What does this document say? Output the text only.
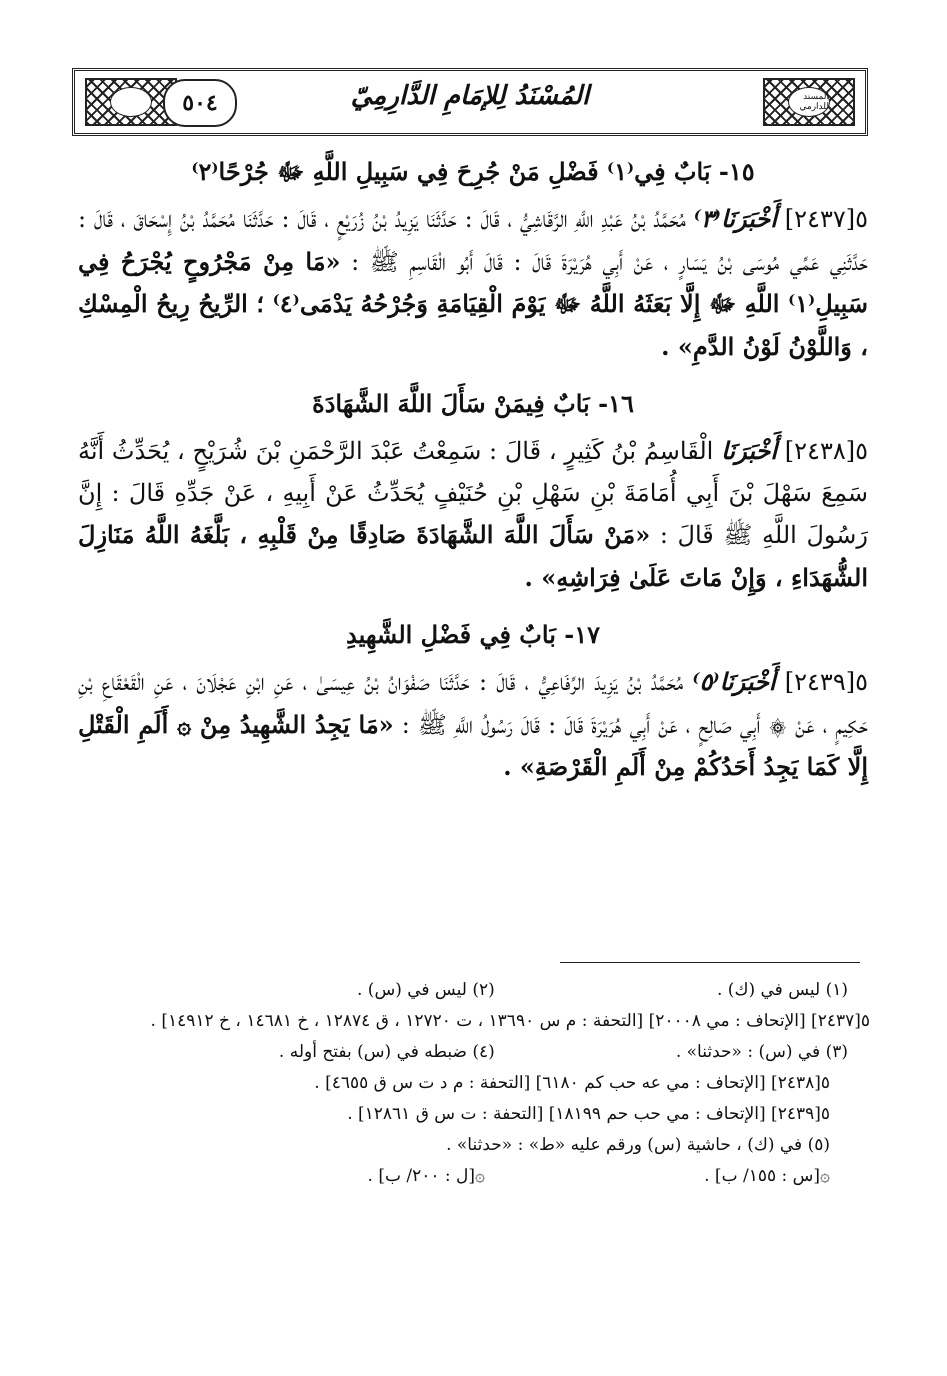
المسند للدارمي
المُسْنَدُ لِلإمَامِ الدَّارِمِيّ
٥٠٤

١٥- بَابٌ فِي⁽١⁾ فَضْلِ مَنْ جُرِحَ فِي سَبِيلِ اللَّهِ ﷻ جُرْحًا⁽٢⁾

٥[٢٤٣٧] أَخْبَرَنَا⁽٣⁾ مُحَمَّدُ بْنُ عَبْدِ اللَّهِ الرَّقَاشِيُّ ، قَالَ : حَدَّثَنَا يَزِيدُ بْنُ زُرَيْعٍ ، قَالَ : حَدَّثَنَا مُحَمَّدُ بْنُ إِسْحَاقَ ، قَالَ : حَدَّثَنِي عَمِّي مُوسَى بْنُ يَسَارٍ ، عَنْ أَبِي هُرَيْرَةَ قَالَ : قَالَ أَبُو الْقَاسِمِ ﷺ : «مَا مِنْ مَجْرُوحٍ يُجْرَحُ فِي سَبِيلِ⁽١⁾ اللَّهِ ﷻ إِلَّا بَعَثَهُ اللَّهُ ﷻ يَوْمَ الْقِيَامَةِ وَجُرْحُهُ يَدْمَى⁽٤⁾ ؛ الرِّيحُ رِيحُ الْمِسْكِ ، وَاللَّوْنُ لَوْنُ الدَّمِ» .

١٦- بَابٌ فِيمَنْ سَأَلَ اللَّهَ الشَّهَادَةَ

٥[٢٤٣٨] أَخْبَرَنَا الْقَاسِمُ بْنُ كَثِيرٍ ، قَالَ : سَمِعْتُ عَبْدَ الرَّحْمَنِ بْنَ شُرَيْحٍ ، يُحَدِّثُ أَنَّهُ سَمِعَ سَهْلَ بْنَ أَبِي أُمَامَةَ بْنِ سَهْلِ بْنِ حُنَيْفٍ يُحَدِّثُ عَنْ أَبِيهِ ، عَنْ جَدِّهِ قَالَ : إِنَّ رَسُولَ اللَّهِ ﷺ قَالَ : «مَنْ سَأَلَ اللَّهَ الشَّهَادَةَ صَادِقًا مِنْ قَلْبِهِ ، بَلَّغَهُ اللَّهُ مَنَازِلَ الشُّهَدَاءِ ، وَإِنْ مَاتَ عَلَىٰ فِرَاشِهِ» .

١٧- بَابٌ فِي فَضْلِ الشَّهِيدِ

٥[٢٤٣٩] أَخْبَرَنَا⁽٥⁾ مُحَمَّدُ بْنُ يَزِيدَ الرِّفَاعِيُّ ، قَالَ : حَدَّثَنَا صَفْوَانُ بْنُ عِيسَىٰ ، عَنِ ابْنِ عَجْلَانَ ، عَنِ الْقَعْقَاعِ بْنِ حَكِيمٍ ، عَنْ ۞ أَبِي صَالِحٍ ، عَنْ أَبِي هُرَيْرَةَ قَالَ : قَالَ رَسُولُ اللَّهِ ﷺ : «مَا يَجِدُ الشَّهِيدُ مِنْ ۞ أَلَمِ الْقَتْلِ إِلَّا كَمَا يَجِدُ أَحَدُكُمْ مِنْ أَلَمِ الْقَرْصَةِ» .

(١) ليس في (ك) .

(٢) ليس في (س) .

٥[٢٤٣٧] [الإتحاف : مي ٢٠٠٠٨] [التحفة : م س ١٣٦٩٠ ، ت ١٢٧٢٠ ، ق ١٢٨٧٤ ، خ ١٤٦٨١ ، خ ١٤٩١٢] .

(٣) في (س) : «حدثنا» .

(٤) ضبطه في (س) بفتح أوله .

٥[٢٤٣٨] [الإتحاف : مي عه حب كم ٦١٨٠] [التحفة : م د ت س ق ٤٦٥٥] .

٥[٢٤٣٩] [الإتحاف : مي حب حم ١٨١٩٩] [التحفة : ت س ق ١٢٨٦١] .

(٥) في (ك) ، حاشية (س) ورقم عليه «ط» : «حدثنا» .

۞[س : ١٥٥/ ب] .

۞[ل : ٢٠٠/ ب] .
